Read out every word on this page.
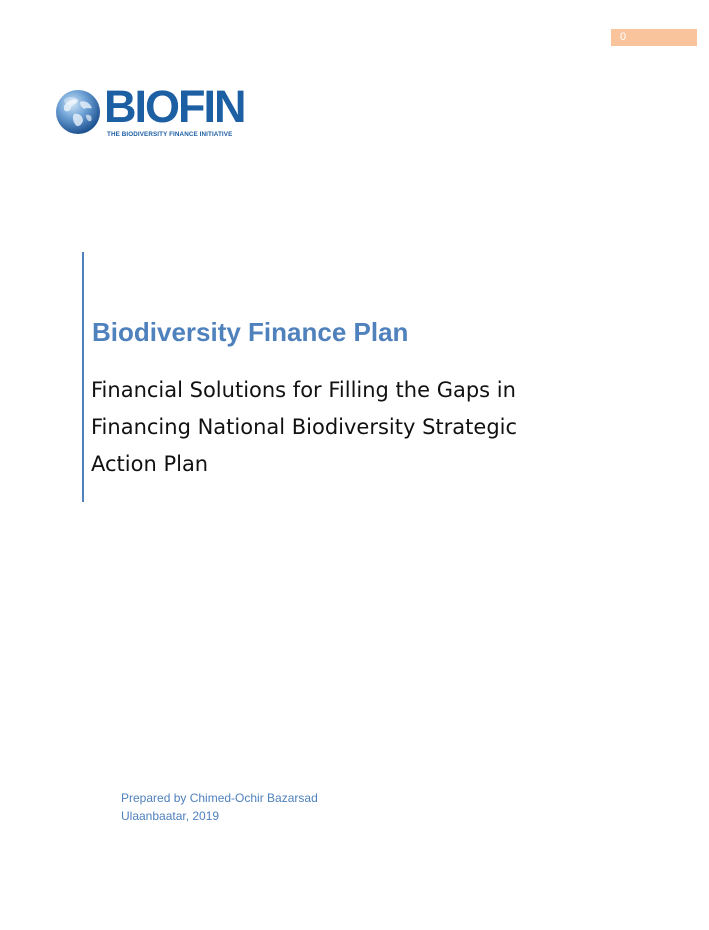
0
BIOFIN
THE BIODIVERSITY FINANCE INITIATIVE
Biodiversity Finance Plan
Financial Solutions for Filling the Gaps in
Financing National Biodiversity Strategic
Action Plan
Prepared by Chimed-Ochir Bazarsad
Ulaanbaatar, 2019
